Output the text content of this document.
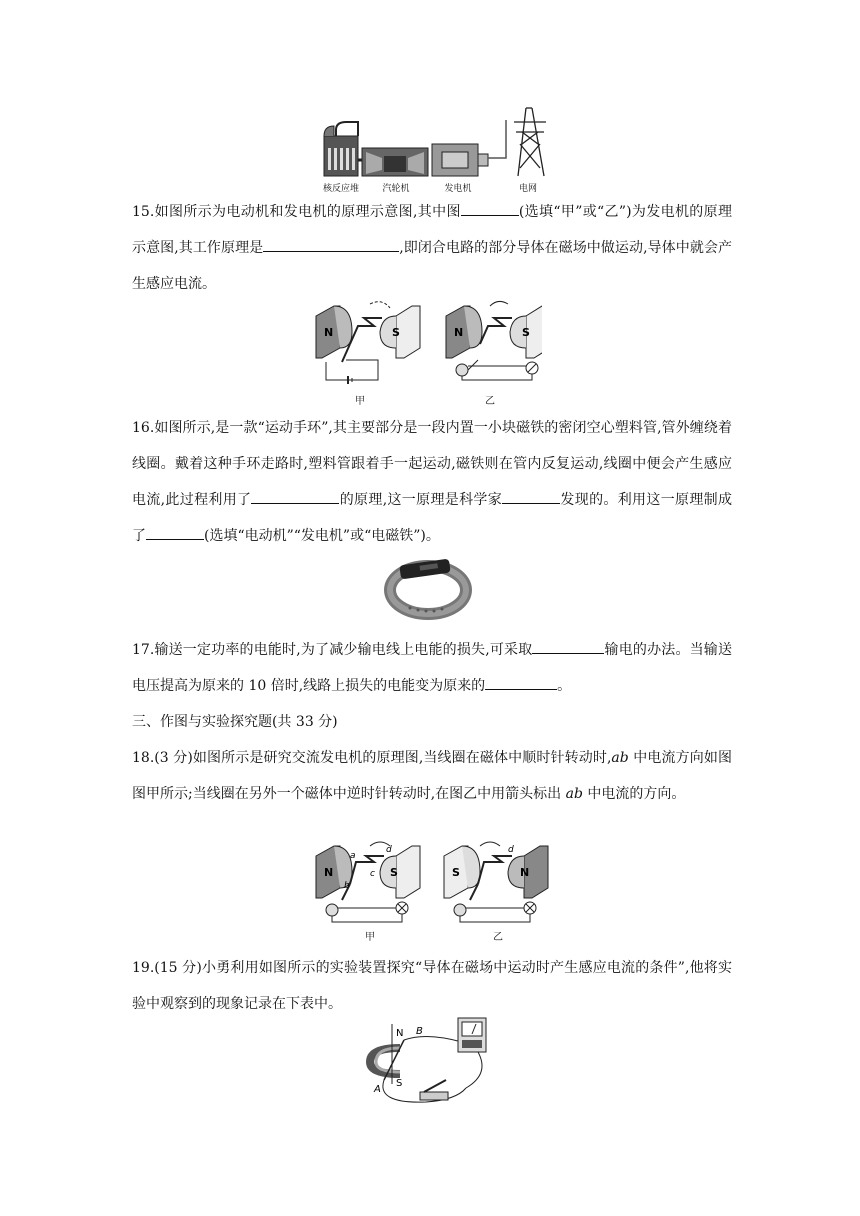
核反应堆	汽轮机	发电机	电网
15.如图所示为电动机和发电机的原理示意图,其中图	(选填“甲”或“乙”)为发电机的原理示意图,其工作原理是	,即闭合电路的部分导体在磁场中做运动,导体中就会产生感应电流。
N	S	N	S
甲	乙
16.如图所示,是一款“运动手环”,其主要部分是一段内置一小块磁铁的密闭空心塑料管,管外缠绕着线圈。戴着这种手环走路时,塑料管跟着手一起运动,磁铁则在管内反复运动,线圈中便会产生感应电流,此过程利用了	的原理,这一原理是科学家	发现的。利用这一原理制成了	(选填“电动机”“发电机”或“电磁铁”)。
17.输送一定功率的电能时,为了减少输电线上电能的损失,可采取	输电的办法。当输送电压提高为原来的 10 倍时,线路上损失的电能变为原来的	。
三、作图与实验探究题(共 33 分)
18.(3 分)如图所示是研究交流发电机的原理图,当线圈在磁体中顺时针转动时,ab 中电流方向如图图甲所示;当线圈在另外一个磁体中逆时针转动时,在图乙中用箭头标出 ab 中电流的方向。
N	S
a
b
c
d
S	N
d
甲	乙
19.(15 分)小勇利用如图所示的实验装置探究“导体在磁场中运动时产生感应电流的条件”,他将实验中观察到的现象记录在下表中。
N
S
A
B
